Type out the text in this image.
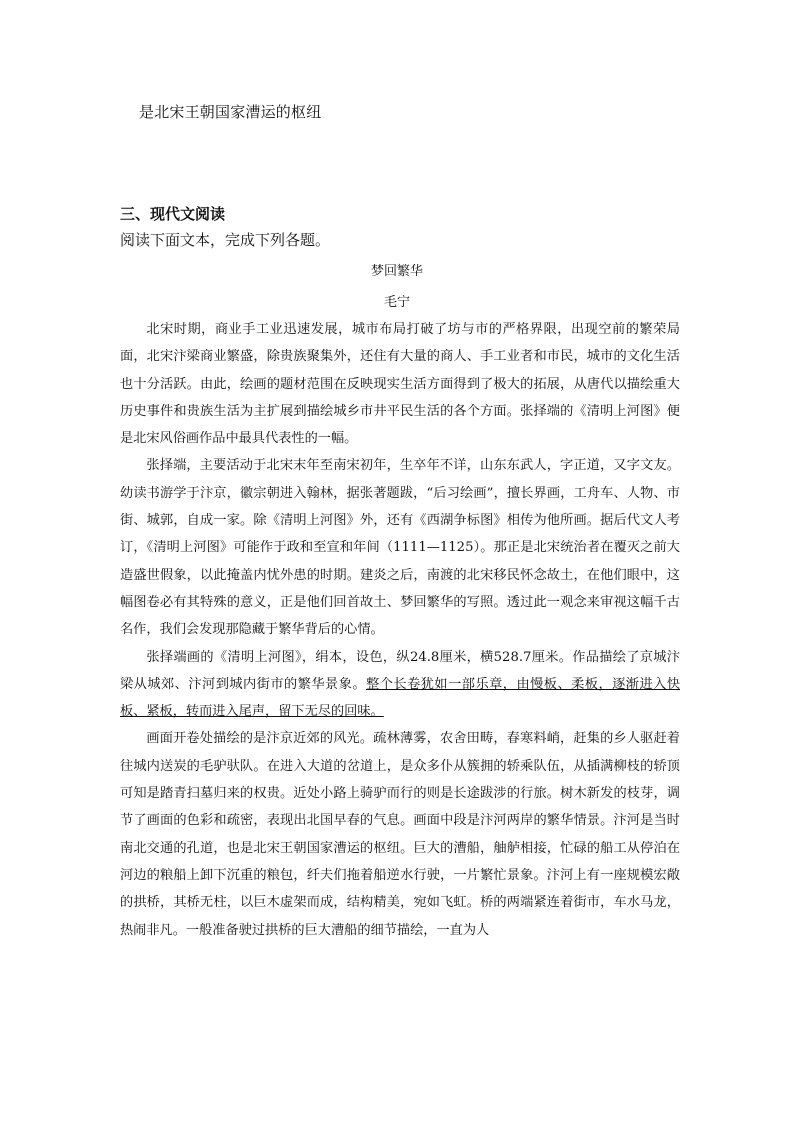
是北宋王朝国家漕运的枢纽
三、现代文阅读
阅读下面文本，完成下列各题。
梦回繁华
毛宁

北宋时期，商业手工业迅速发展，城市布局打破了坊与市的严格界限，出现空前的繁荣局面，北宋汴梁商业繁盛，除贵族聚集外，还住有大量的商人、手工业者和市民，城市的文化生活也十分活跃。由此，绘画的题材范围在反映现实生活方面得到了极大的拓展，从唐代以描绘重大历史事件和贵族生活为主扩展到描绘城乡市井平民生活的各个方面。张择端的《清明上河图》便是北宋风俗画作品中最具代表性的一幅。

张择端，主要活动于北宋末年至南宋初年，生卒年不详，山东东武人，字正道，又字文友。幼读书游学于汴京，徽宗朝进入翰林，据张著题跋，“后习绘画”，擅长界画，工舟车、人物、市街、城郭，自成一家。除《清明上河图》外，还有《西湖争标图》相传为他所画。据后代文人考订，《清明上河图》可能作于政和至宣和年间（1111—1125）。那正是北宋统治者在覆灭之前大造盛世假象，以此掩盖内忧外患的时期。建炎之后，南渡的北宋移民怀念故土，在他们眼中，这幅图卷必有其特殊的意义，正是他们回首故土、梦回繁华的写照。透过此一观念来审视这幅千古名作，我们会发现那隐藏于繁华背后的心情。

张择端画的《清明上河图》，绢本，设色，纵24.8厘米，横528.7厘米。作品描绘了京城汴梁从城郊、汴河到城内街市的繁华景象。整个长卷犹如一部乐章，由慢板、柔板，逐渐进入快板、紧板，转而进入尾声，留下无尽的回味。

画面开卷处描绘的是汴京近郊的风光。疏林薄雾，农舍田畴，春寒料峭，赶集的乡人驱赶着往城内送炭的毛驴驮队。在进入大道的岔道上，是众多仆从簇拥的轿乘队伍，从插满柳枝的轿顶可知是踏青扫墓归来的权贵。近处小路上骑驴而行的则是长途跋涉的行旅。树木新发的枝芽，调节了画面的色彩和疏密，表现出北国早春的气息。画面中段是汴河两岸的繁华情景。汴河是当时南北交通的孔道，也是北宋王朝国家漕运的枢纽。巨大的漕船，舳舻相接，忙碌的船工从停泊在河边的粮船上卸下沉重的粮包，纤夫们拖着船逆水行驶，一片繁忙景象。汴河上有一座规模宏敞的拱桥，其桥无柱，以巨木虚架而成，结构精美，宛如飞虹。桥的两端紧连着街市，车水马龙，热闹非凡。一般准备驶过拱桥的巨大漕船的细节描绘，一直为人
